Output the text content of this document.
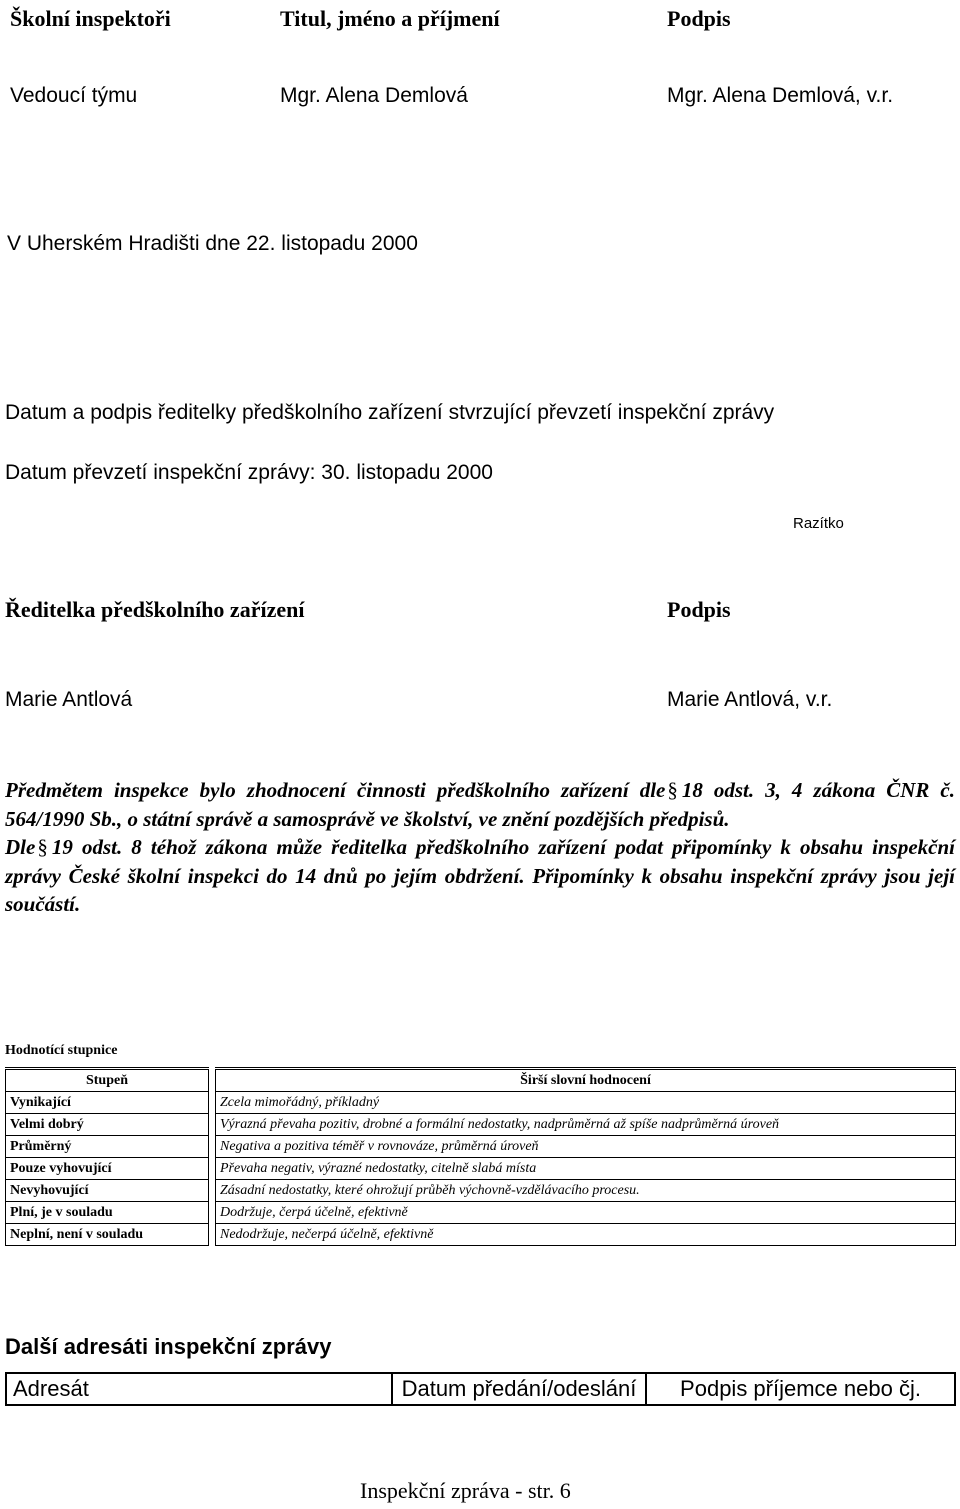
Školní inspektoři	Titul, jméno a příjmení	Podpis
Vedoucí týmu	Mgr. Alena Demlová	Mgr. Alena Demlová, v.r.
V Uherském Hradišti dne 22. listopadu 2000
Datum a podpis ředitelky předškolního zařízení stvrzující převzetí inspekční zprávy
Datum převzetí inspekční zprávy: 30. listopadu 2000
Razítko
Ředitelka předškolního zařízení	Podpis
Marie Antlová	Marie Antlová, v.r.
Předmětem inspekce bylo zhodnocení činnosti předškolního zařízení dle§ 18 odst. 3, 4 zákona ČNR č. 564/1990 Sb., o státní správě a samosprávě ve školství, ve znění pozdějších předpisů.
Dle§ 19 odst. 8 téhož zákona může ředitelka předškolního zařízení podat připomínky k obsahu inspekční zprávy České školní inspekci do 14 dnů po jejím obdržení. Připomínky k obsahu inspekční zprávy jsou její součástí.
Hodnotící stupnice
Stupeň		Širší slovní hodnocení
Vynikající		Zcela mimořádný, příkladný
Velmi dobrý		Výrazná převaha pozitiv, drobné a formální nedostatky, nadprůměrná až spíše nadprůměrná úroveň
Průměrný		Negativa a pozitiva téměř v rovnováze, průměrná úroveň
Pouze vyhovující		Převaha negativ, výrazné nedostatky, citelně slabá místa
Nevyhovující		Zásadní nedostatky, které ohrožují průběh výchovně-vzdělávacího procesu.
Plní, je v souladu		Dodržuje, čerpá účelně, efektivně
Neplní, není v souladu		Nedodržuje, nečerpá účelně, efektivně
Další adresáti inspekční zprávy
Adresát	Datum předání/odeslání	Podpis příjemce nebo čj.
Inspekční zpráva - str. 6
